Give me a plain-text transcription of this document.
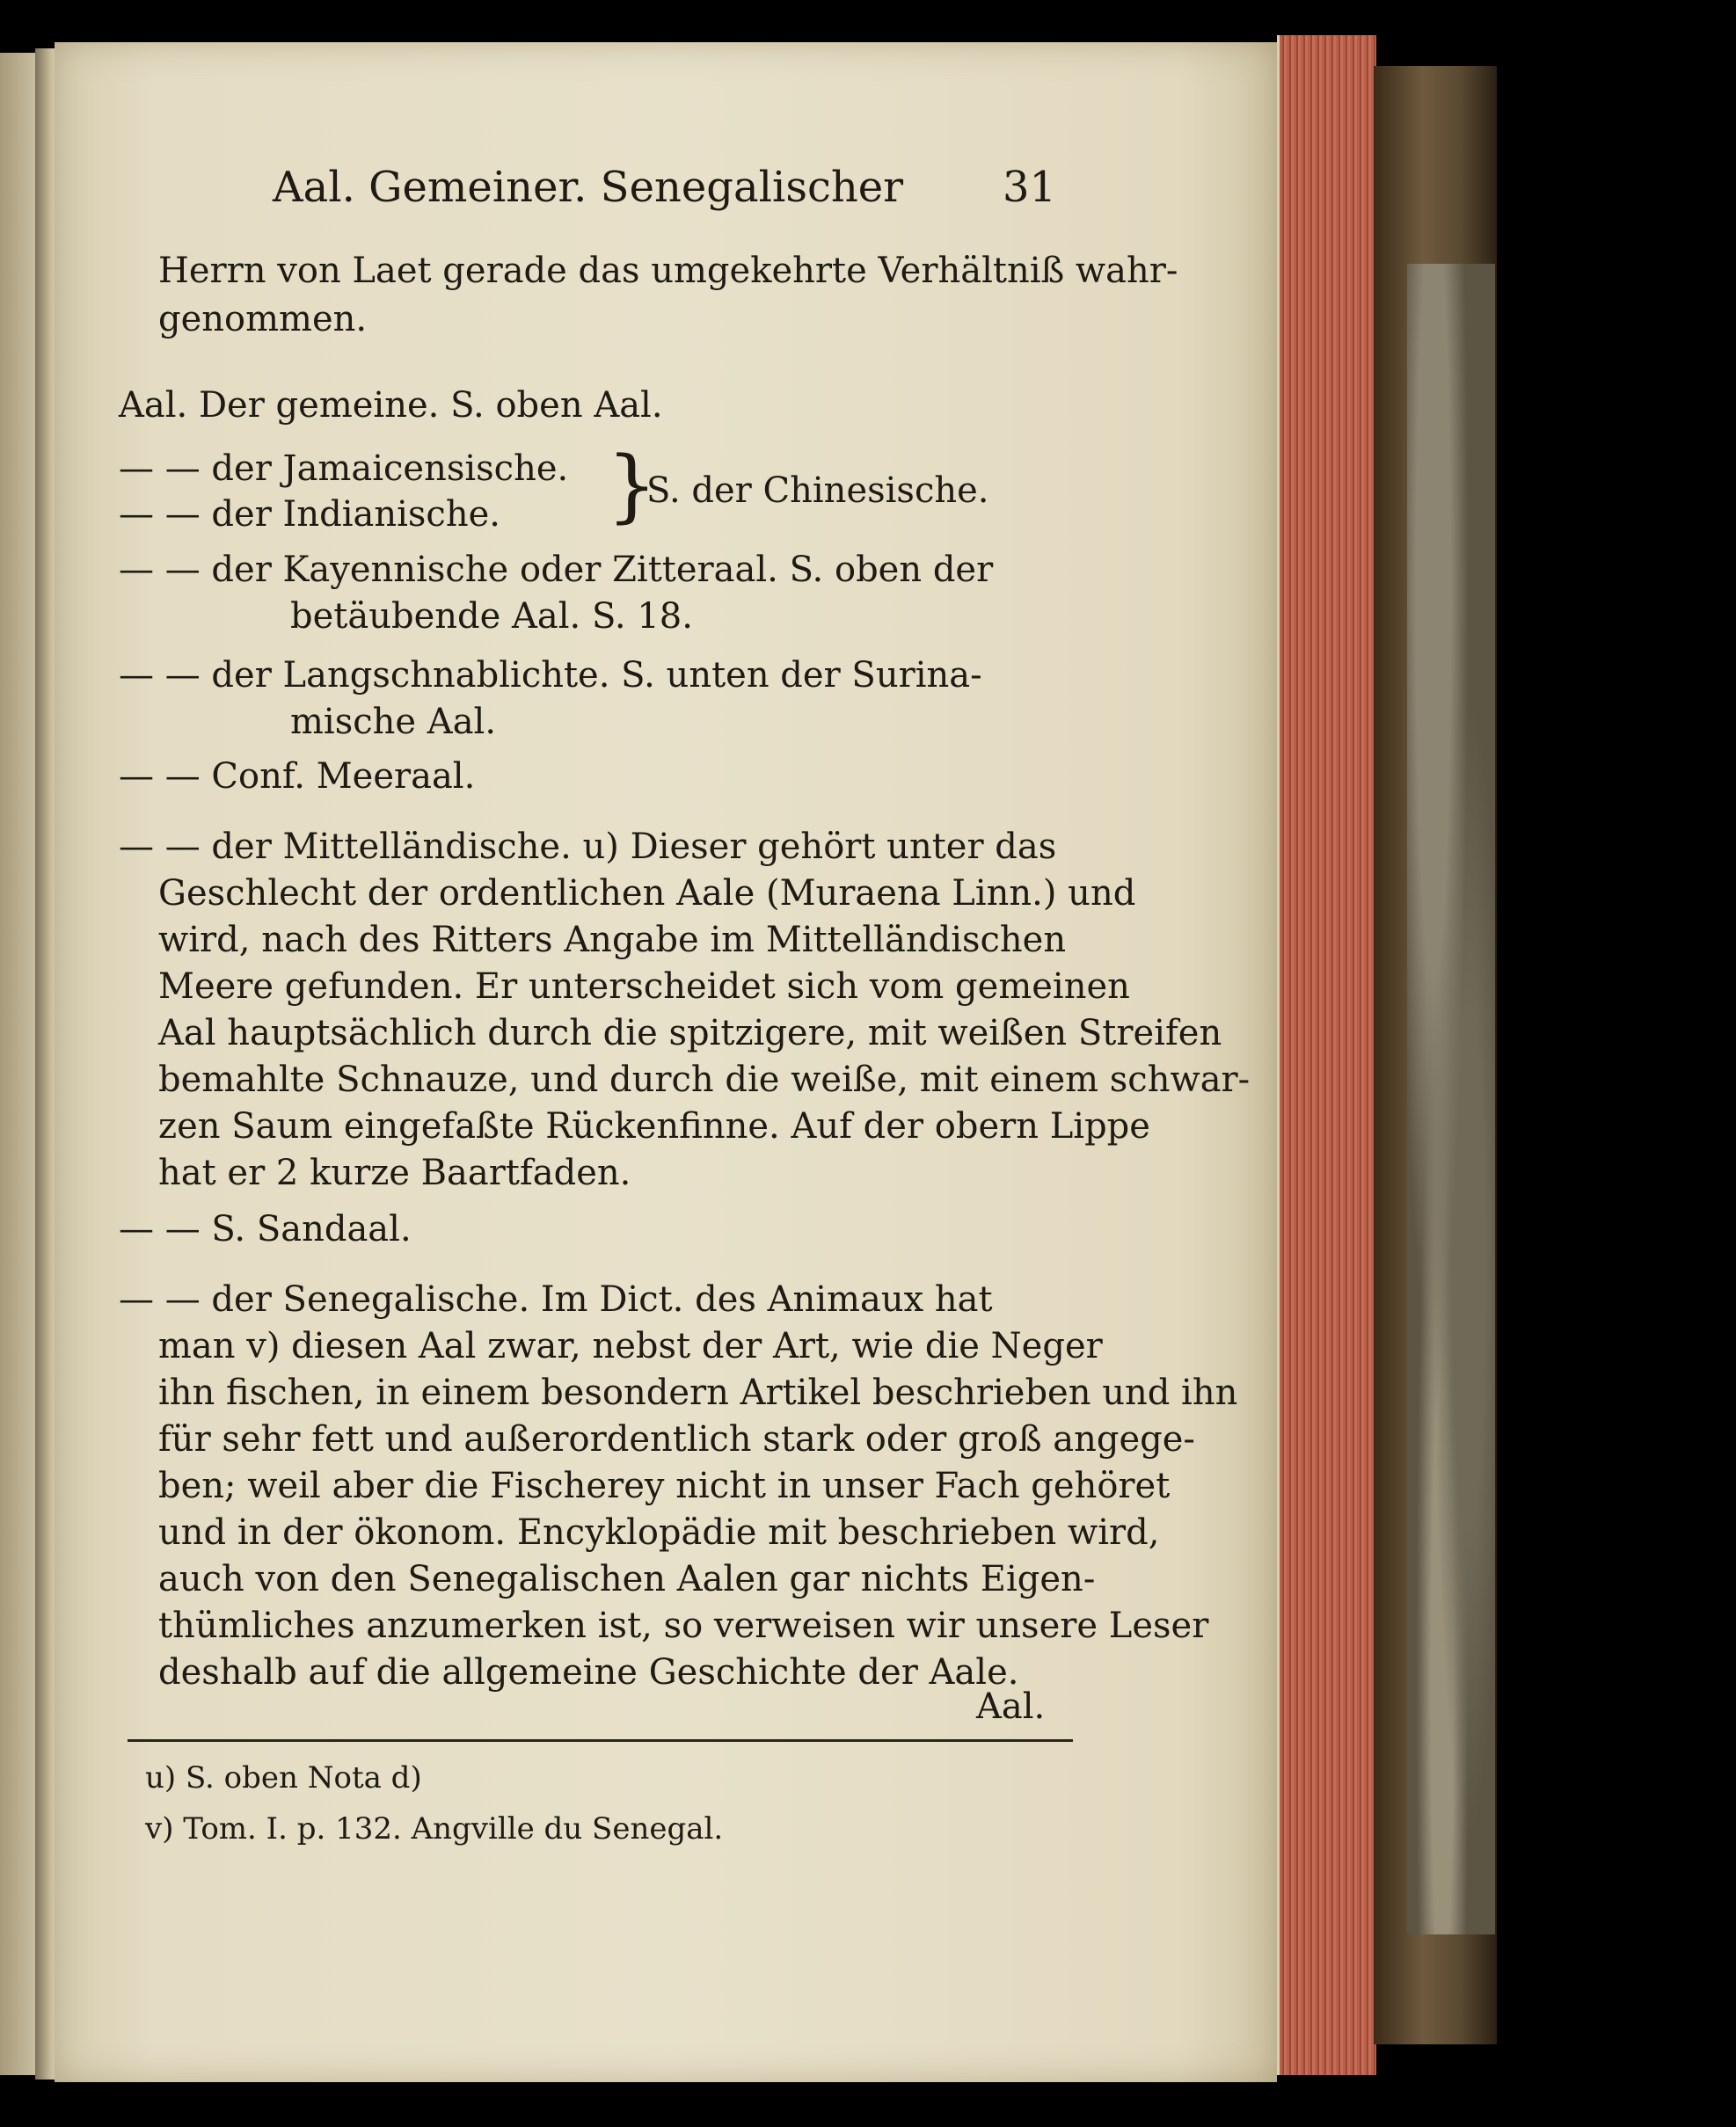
Aal. Gemeiner. Senegalischer 31
Herrn von Laet gerade das umgekehrte Verhältniß wahr-
genommen.
Aal. Der gemeine. S. oben Aal.
— — der Jamaicensische.
— — der Indianische. }
S. der Chinesische.
— — der Kayennische oder Zitteraal. S. oben der
betäubende Aal. S. 18.
— — der Langschnablichte. S. unten der Surina-
mische Aal.
— — Conf. Meeraal.
— — der Mittelländische. u) Dieser gehört unter das
Geschlecht der ordentlichen Aale (Muraena Linn.) und
wird, nach des Ritters Angabe im Mittelländischen
Meere gefunden. Er unterscheidet sich vom gemeinen
Aal hauptsächlich durch die spitzigere, mit weißen Streifen
bemahlte Schnauze, und durch die weiße, mit einem schwar-
zen Saum eingefaßte Rückenfinne. Auf der obern Lippe
hat er 2 kurze Baartfaden.
— — S. Sandaal.
— — der Senegalische. Im Dict. des Animaux hat
man v) diesen Aal zwar, nebst der Art, wie die Neger
ihn fischen, in einem besondern Artikel beschrieben und ihn
für sehr fett und außerordentlich stark oder groß angege-
ben; weil aber die Fischerey nicht in unser Fach gehöret
und in der ökonom. Encyklopädie mit beschrieben wird,
auch von den Senegalischen Aalen gar nichts Eigen-
thümliches anzumerken ist, so verweisen wir unsere Leser
deshalb auf die allgemeine Geschichte der Aale.
Aal.
u) S. oben Nota d)
v) Tom. I. p. 132. Angville du Senegal.
